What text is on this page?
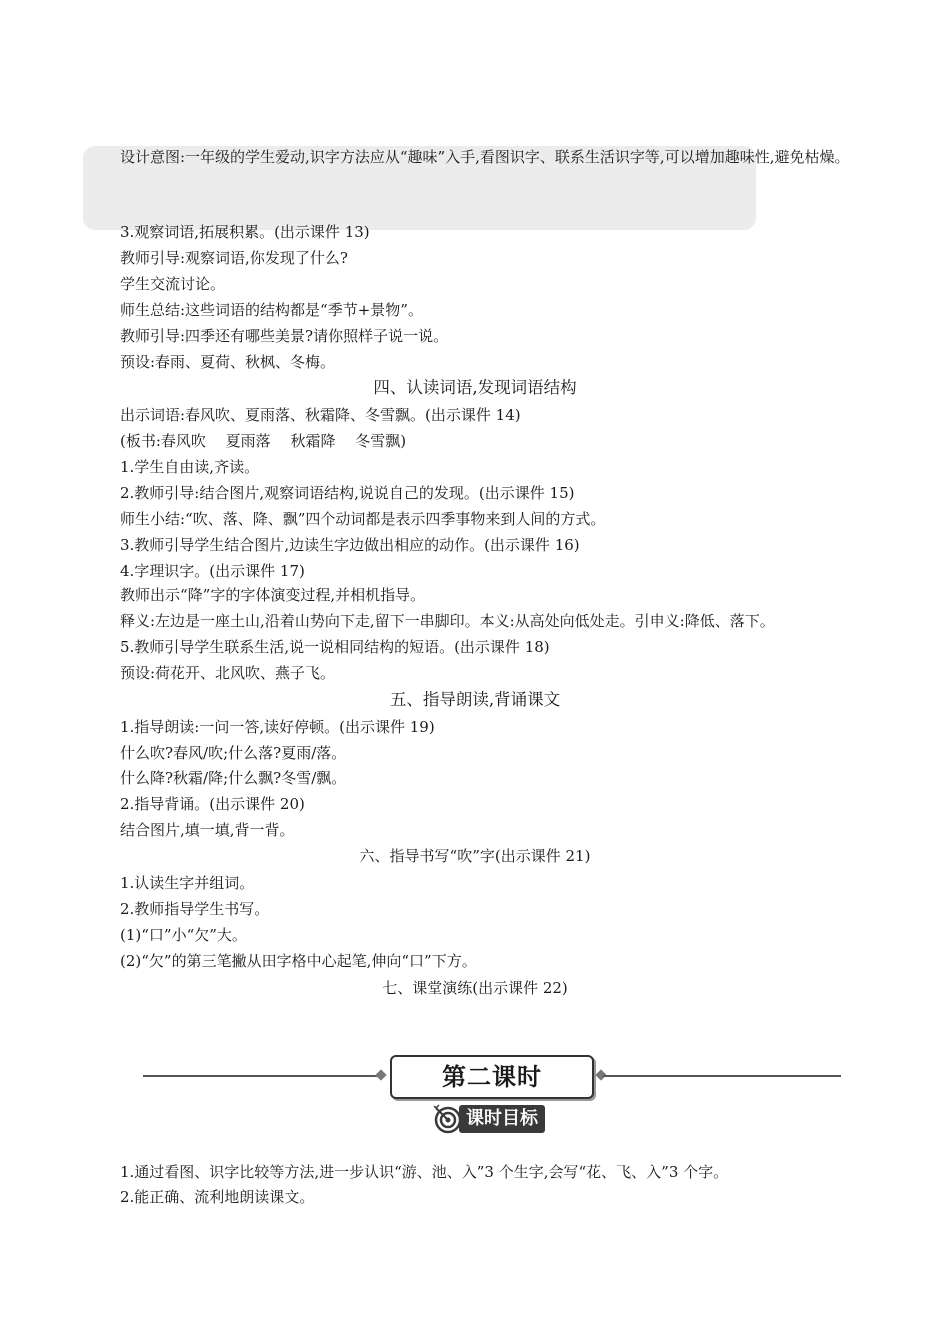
设计意图:一年级的学生爱动,识字方法应从“趣味”入手,看图识字、联系生活识字等,可以增加趣味性,避免枯燥。
3.观察词语,拓展积累。(出示课件 13)
教师引导:观察词语,你发现了什么?
学生交流讨论。
师生总结:这些词语的结构都是“季节+景物”。
教师引导:四季还有哪些美景?请你照样子说一说。
预设:春雨、夏荷、秋枫、冬梅。
四、认读词语,发现词语结构
出示词语:春风吹、夏雨落、秋霜降、冬雪飘。(出示课件 14)
(板书:春风吹　 夏雨落　 秋霜降　 冬雪飘)
1.学生自由读,齐读。
2.教师引导:结合图片,观察词语结构,说说自己的发现。(出示课件 15)
师生小结:“吹、落、降、飘”四个动词都是表示四季事物来到人间的方式。
3.教师引导学生结合图片,边读生字边做出相应的动作。(出示课件 16)
4.字理识字。(出示课件 17)
教师出示“降”字的字体演变过程,并相机指导。
释义:左边是一座土山,沿着山势向下走,留下一串脚印。本义:从高处向低处走。引申义:降低、落下。
5.教师引导学生联系生活,说一说相同结构的短语。(出示课件 18)
预设:荷花开、北风吹、燕子飞。
五、指导朗读,背诵课文
1.指导朗读:一问一答,读好停顿。(出示课件 19)
什么吹?春风/吹;什么落?夏雨/落。
什么降?秋霜/降;什么飘?冬雪/飘。
2.指导背诵。(出示课件 20)
结合图片,填一填,背一背。
六、指导书写“吹”字(出示课件 21)
1.认读生字并组词。
2.教师指导学生书写。
(1)“口”小“欠”大。
(2)“欠”的第三笔撇从田字格中心起笔,伸向“口”下方。
七、课堂演练(出示课件 22)
第二课时
课时目标
1.通过看图、识字比较等方法,进一步认识“游、池、入”3 个生字,会写“花、飞、入”3 个字。
2.能正确、流利地朗读课文。
